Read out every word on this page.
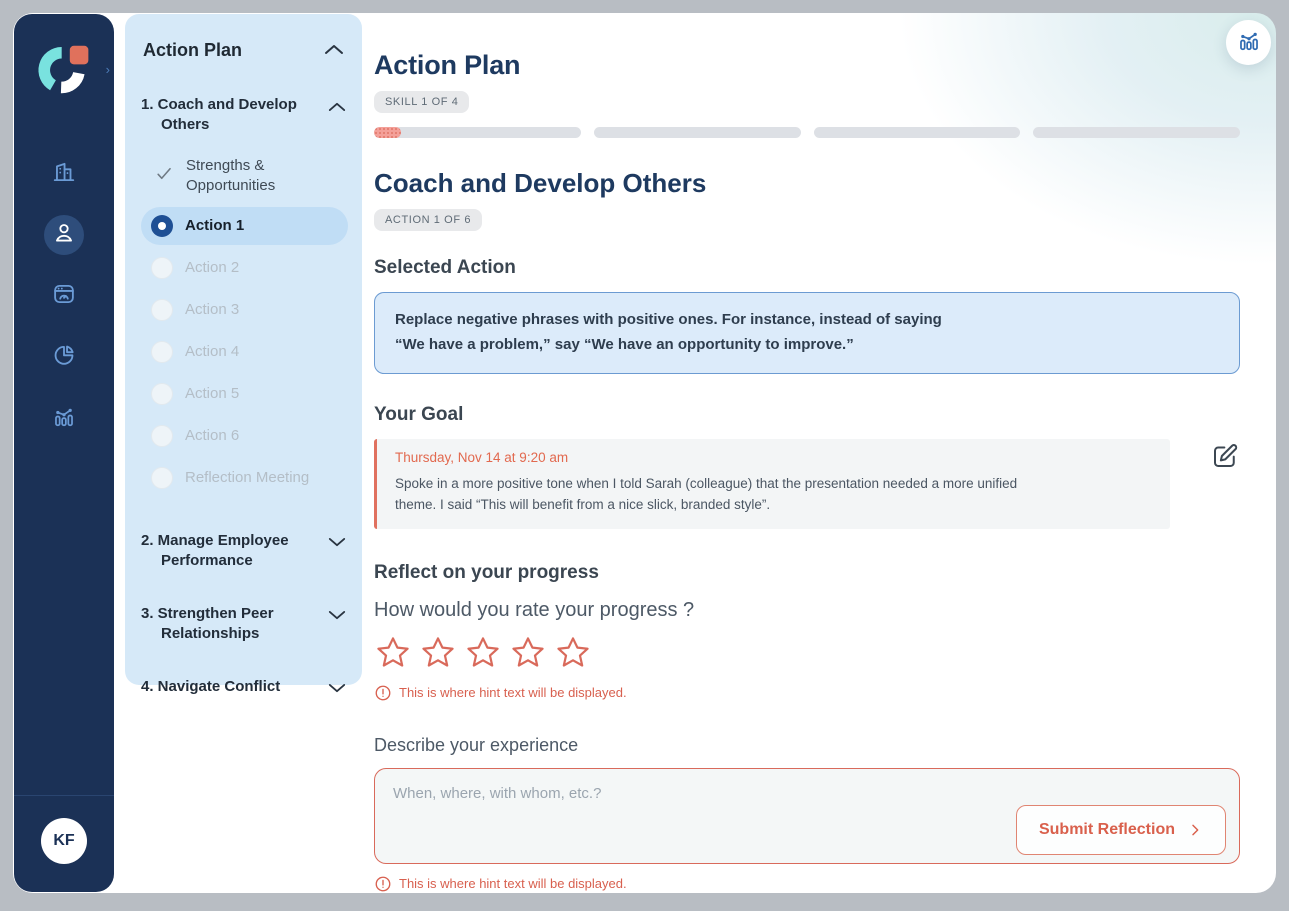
›
KF
Action Plan
1. Coach and Develop Others
Strengths & Opportunities
Action 1
Action 2
Action 3
Action 4
Action 5
Action 6
Reflection Meeting
2. Manage Employee Performance
3. Strengthen Peer Relationships
4. Navigate Conflict
Action Plan
SKILL 1 OF 4
Coach and Develop Others
ACTION 1 OF 6
Selected Action
Replace negative phrases with positive ones. For instance, instead of saying
“We have a problem,” say “We have an opportunity to improve.”
Your Goal
Thursday, Nov 14 at 9:20 am
Spoke in a more positive tone when I told Sarah (colleague) that the presentation needed a more unified theme. I said “This will benefit from a nice slick, branded style”.
Reflect on your progress
How would you rate your progress ?
This is where hint text will be displayed.
Describe your experience
When, where, with whom, etc.?
Submit Reflection
This is where hint text will be displayed.
